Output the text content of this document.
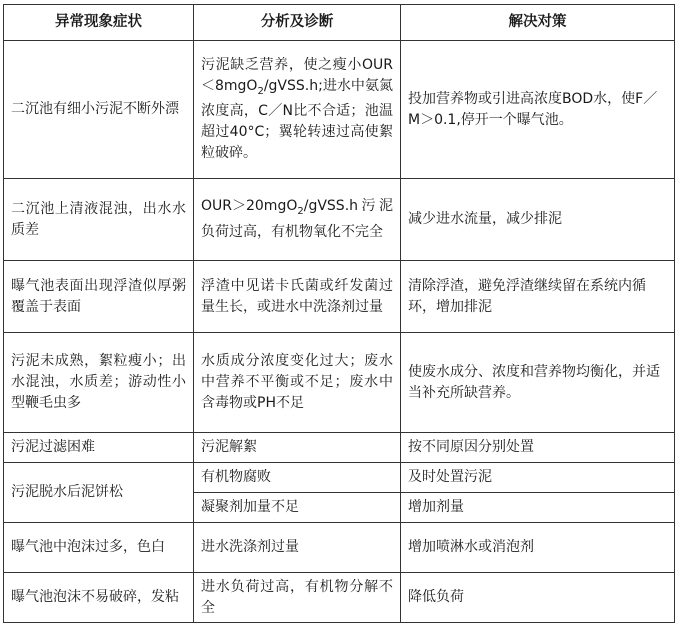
异常现象症状	分析及诊断	解决对策
二沉池有细小污泥不断外漂	污泥缺乏营养，使之瘦小OUR＜8mgO$_2$/gVSS.h;进水中氨氮浓度高，C／N比不合适；池温超过40°C；翼轮转速过高使絮粒破碎。	投加营养物或引进高浓度BOD水，使F／M＞0.1,停开一个曝气池。
二沉池上清液混浊，出水水质差	OUR＞20mgO$_2$/gVSS.h污泥负荷过高，有机物氧化不完全	减少进水流量，减少排泥
曝气池表面出现浮渣似厚粥覆盖于表面	浮渣中见诺卡氏菌或纤发菌过量生长，或进水中洗涤剂过量	清除浮渣，避免浮渣继续留在系统内循环，增加排泥
污泥未成熟，絮粒瘦小；出水混浊，水质差；游动性小型鞭毛虫多	水质成分浓度变化过大；废水中营养不平衡或不足；废水中含毒物或PH不足	使废水成分、浓度和营养物均衡化，并适当补充所缺营养。
污泥过滤困难	污泥解絮	按不同原因分别处置
污泥脱水后泥饼松	有机物腐败	及时处置污泥
	凝聚剂加量不足	增加剂量
曝气池中泡沫过多，色白	进水洗涤剂过量	增加喷淋水或消泡剂
曝气池泡沫不易破碎，发粘	进水负荷过高，有机物分解不全	降低负荷
